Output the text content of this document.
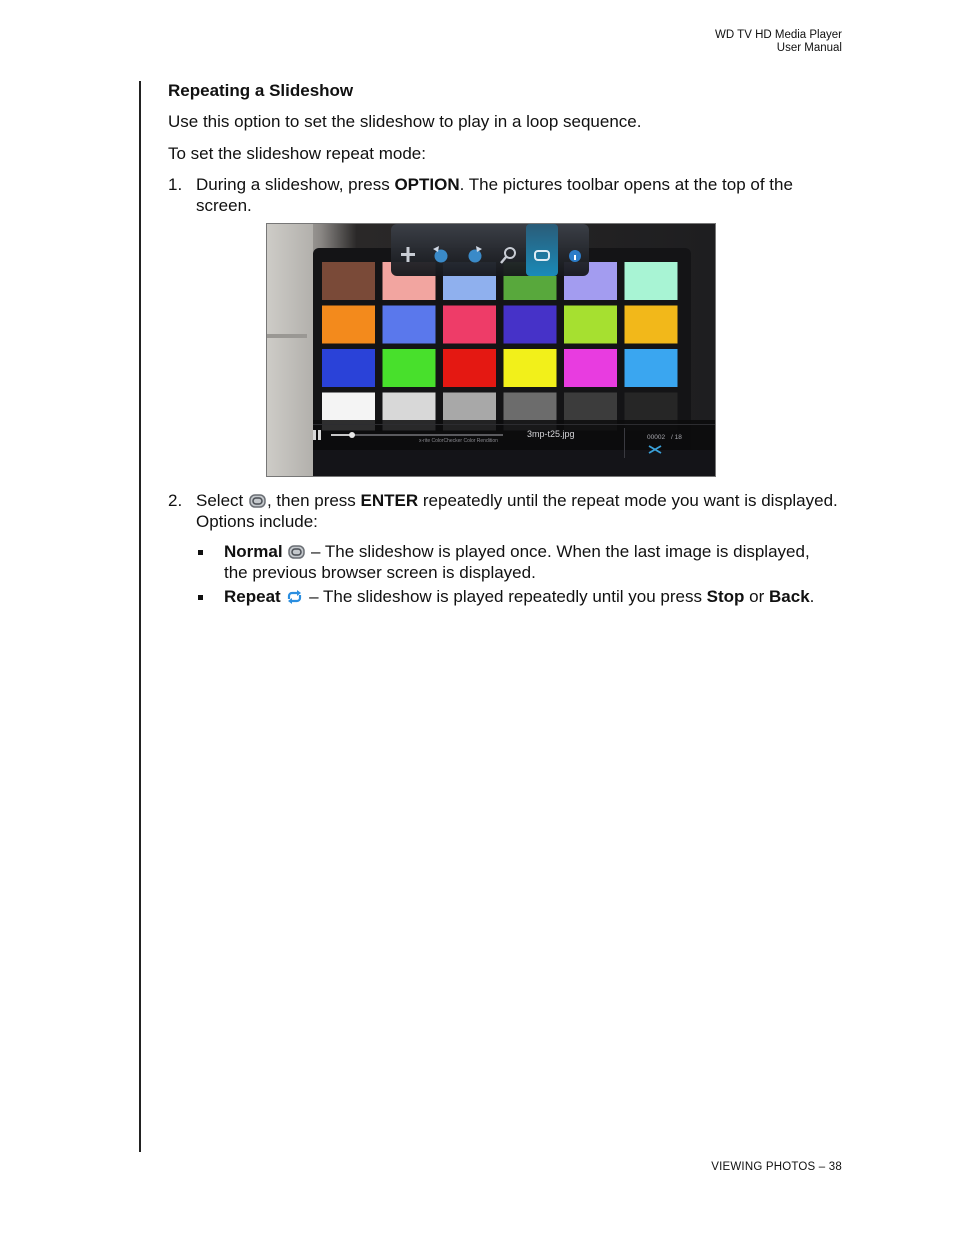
WD TV HD Media Player
User Manual
Repeating a Slideshow

Use this option to set the slideshow to play in a loop sequence.

To set the slideshow repeat mode:

1. During a slideshow, press OPTION. The pictures toolbar opens at the top of the screen.
x-rite ColorChecker Color Rendition
3mp-t25.jpg	00002 / 18
2. Select , then press ENTER repeatedly until the repeat mode you want is displayed. Options include:
Normal  – The slideshow is played once. When the last image is displayed, the previous browser screen is displayed.
Repeat  – The slideshow is played repeatedly until you press Stop or Back.
VIEWING PHOTOS – 38
